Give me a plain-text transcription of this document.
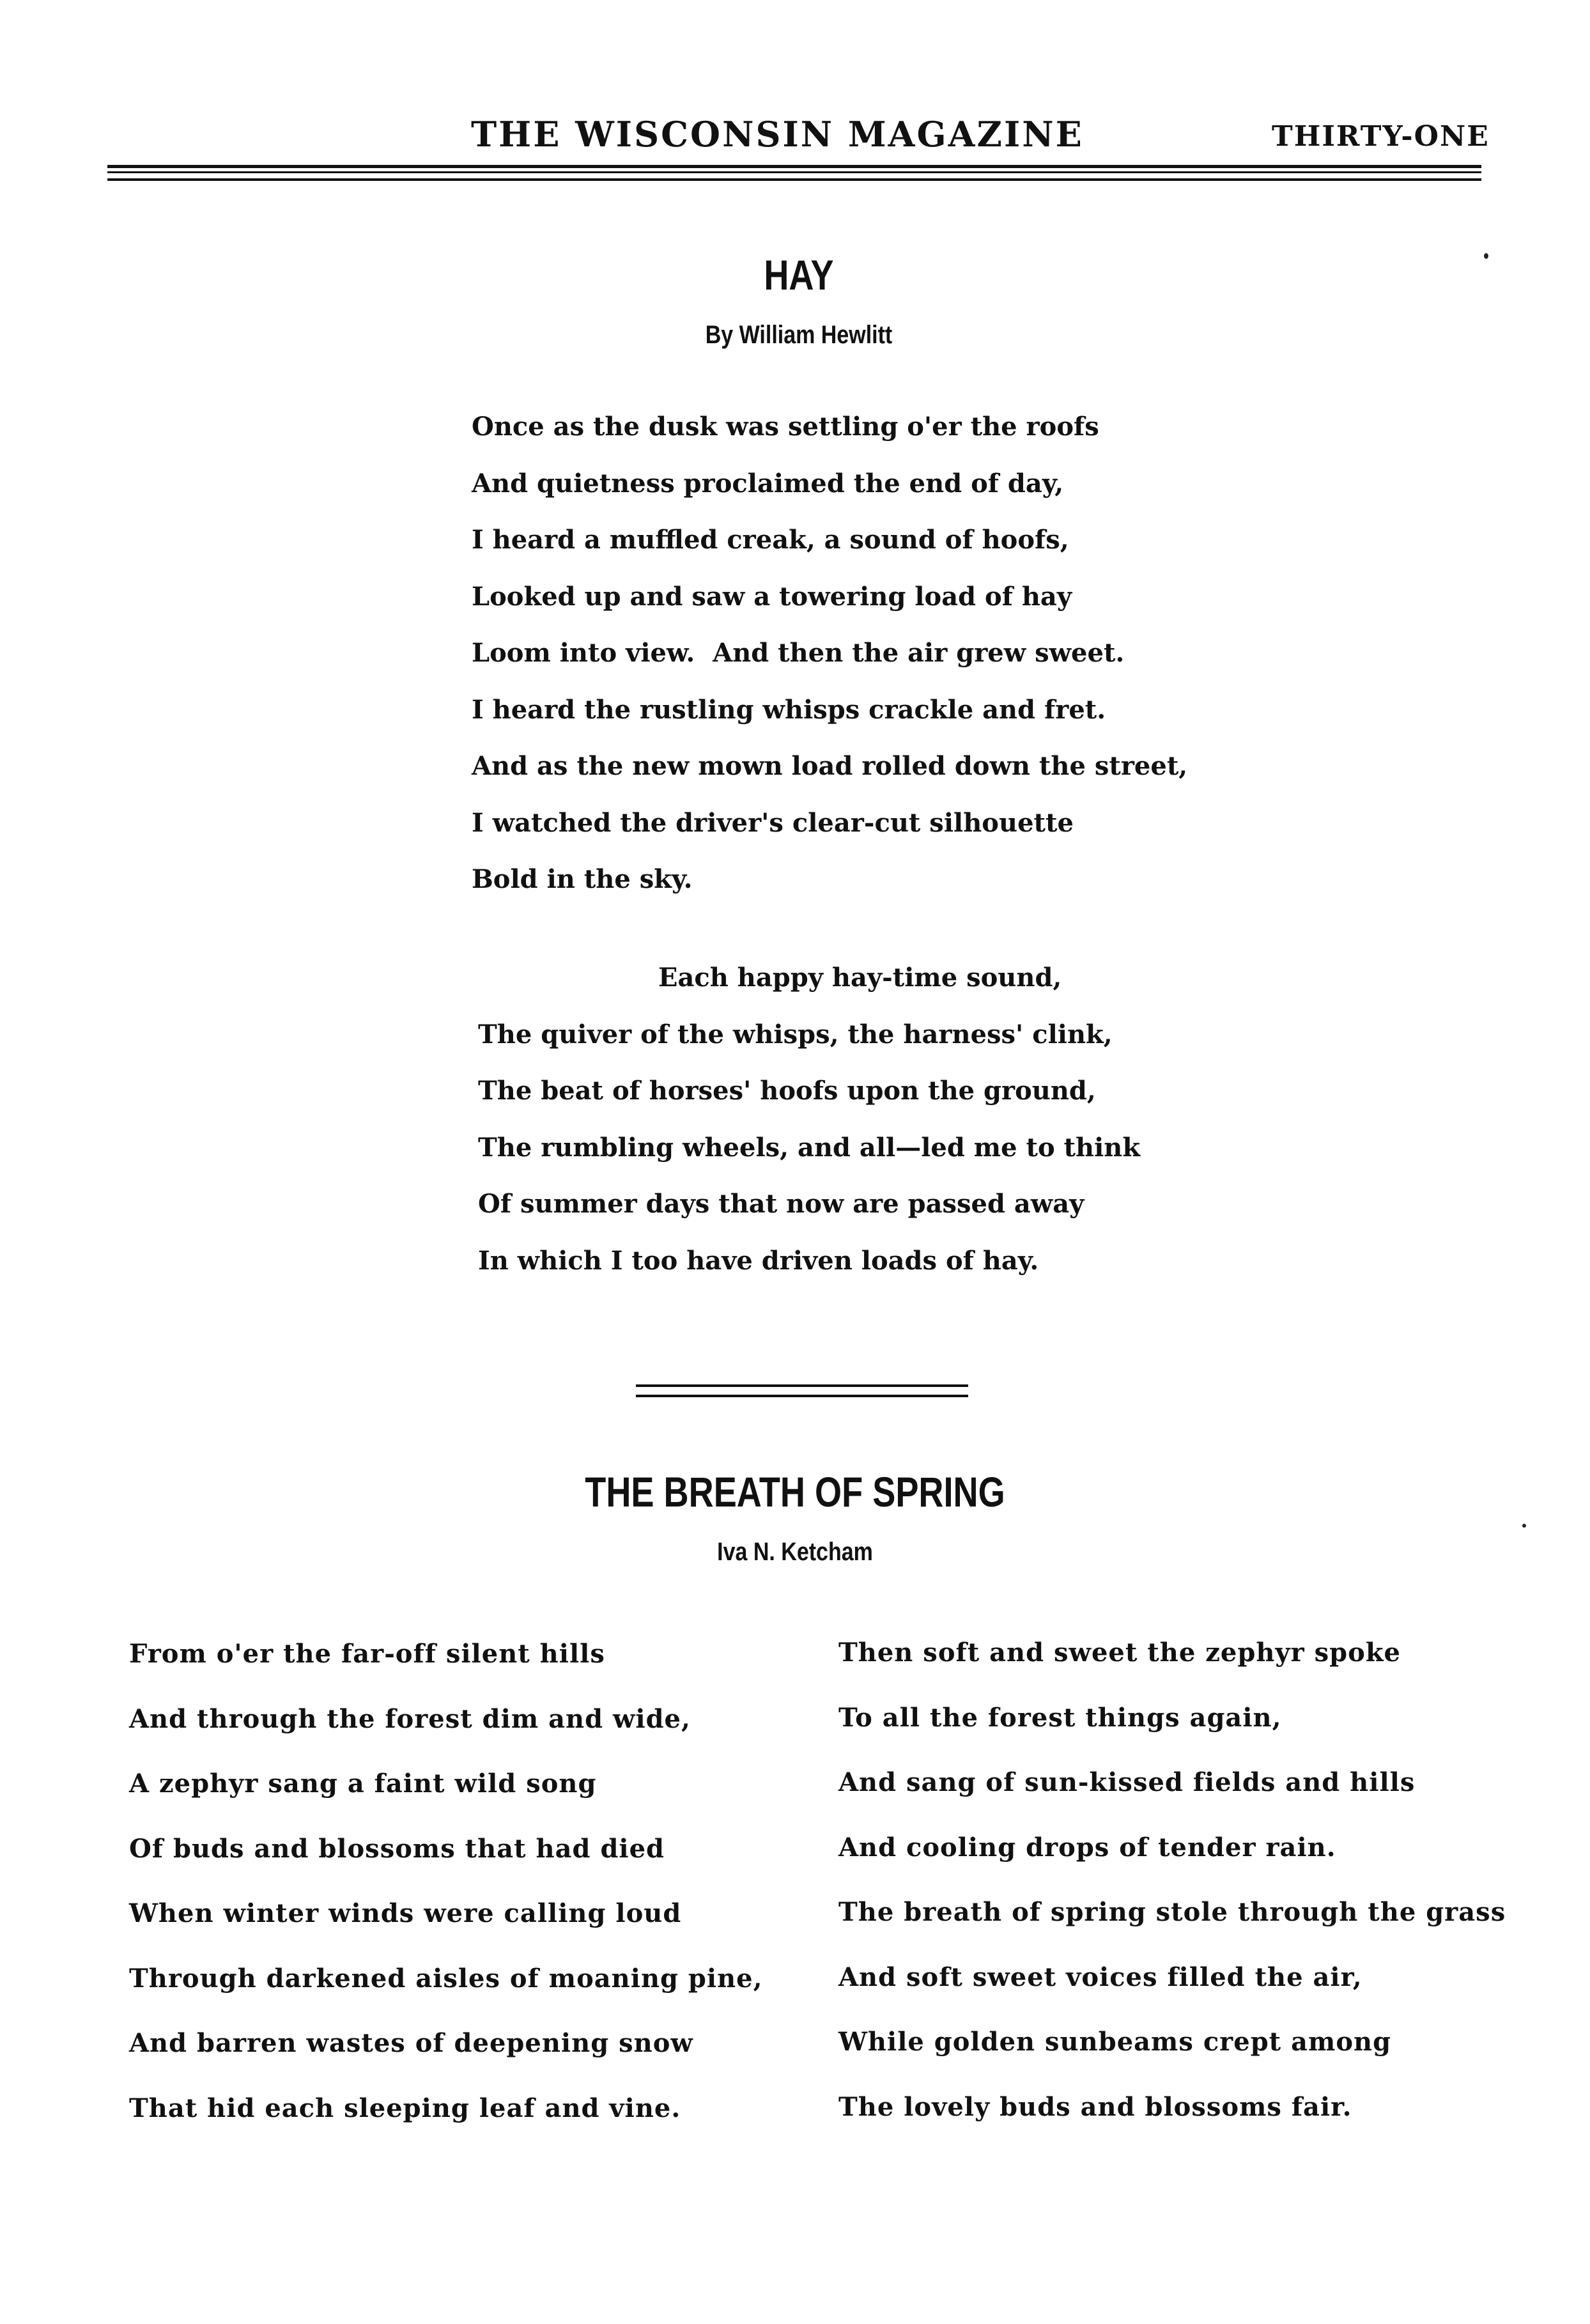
THE WISCONSIN MAGAZINE	THIRTY-ONE
HAY
By William Hewlitt
Once as the dusk was settling o'er the roofs
And quietness proclaimed the end of day,
I heard a muffled creak, a sound of hoofs,
Looked up and saw a towering load of hay
Loom into view.  And then the air grew sweet.
I heard the rustling whisps crackle and fret.
And as the new mown load rolled down the street,
I watched the driver's clear-cut silhouette
Bold in the sky.
Each happy hay-time sound,
The quiver of the whisps, the harness' clink,
The beat of horses' hoofs upon the ground,
The rumbling wheels, and all—led me to think
Of summer days that now are passed away
In which I too have driven loads of hay.
THE BREATH OF SPRING
Iva N. Ketcham
From o'er the far-off silent hills
And through the forest dim and wide,
A zephyr sang a faint wild song
Of buds and blossoms that had died
When winter winds were calling loud
Through darkened aisles of moaning pine,
And barren wastes of deepening snow
That hid each sleeping leaf and vine.
Then soft and sweet the zephyr spoke
To all the forest things again,
And sang of sun-kissed fields and hills
And cooling drops of tender rain.
The breath of spring stole through the grass
And soft sweet voices filled the air,
While golden sunbeams crept among
The lovely buds and blossoms fair.
